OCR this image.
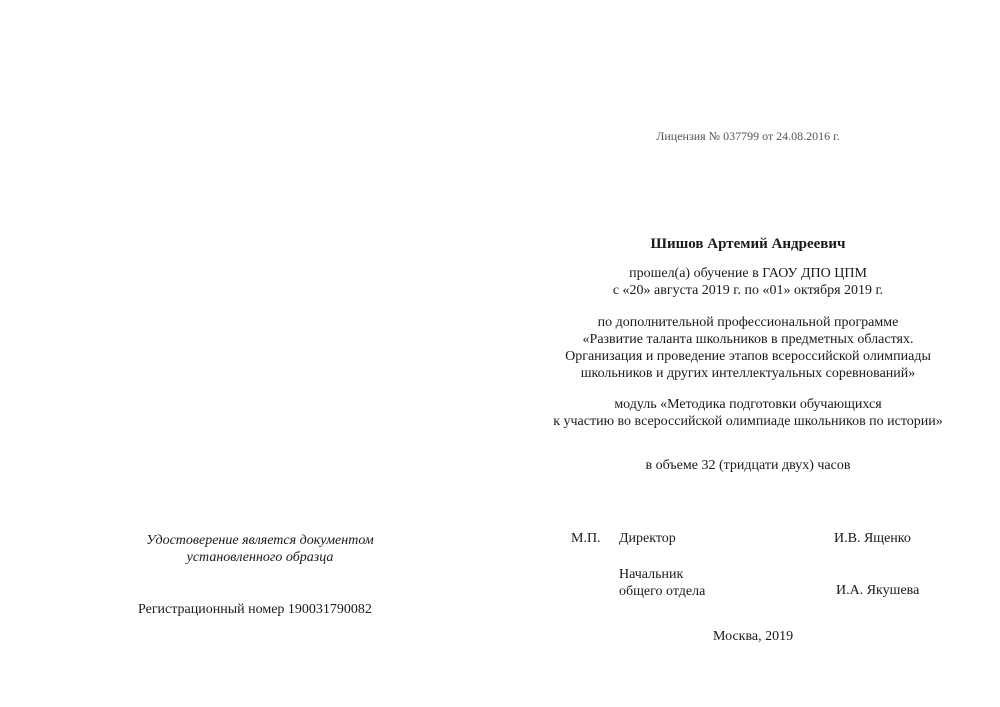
Лицензия № 037799 от 24.08.2016 г.
Шишов Артемий Андреевич
прошел(а) обучение в ГАОУ ДПО ЦПМ
с «20» августа 2019 г. по «01» октября 2019 г.
по дополнительной профессиональной программе
«Развитие таланта школьников в предметных областях.
Организация и проведение этапов всероссийской олимпиады
школьников и других интеллектуальных соревнований»
модуль «Методика подготовки обучающихся
к участию во всероссийской олимпиаде школьников по истории»
в объеме 32 (тридцати двух) часов
Удостоверение является документом
установленного образца
Регистрационный номер 190031790082
М.П. Директор	И.В. Ященко
Начальник
общего отдела	И.А. Якушева
Москва, 2019
